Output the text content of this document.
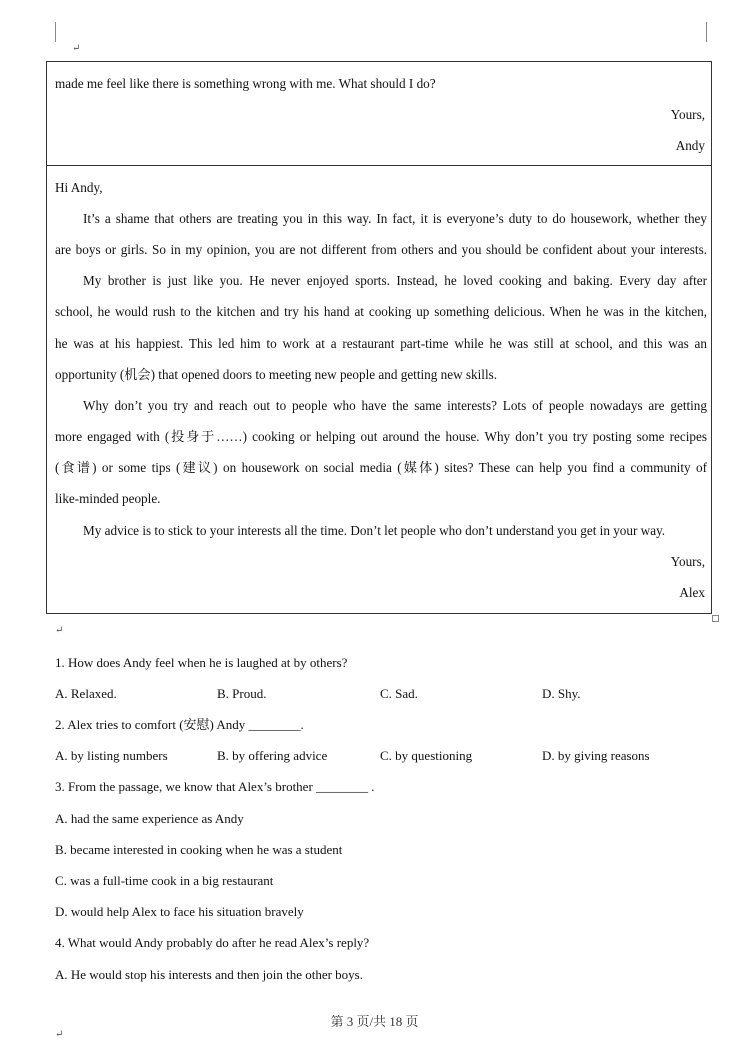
↵
made me feel like there is something wrong with me. What should I do?
Yours,
Andy
Hi Andy,
It’s a shame that others are treating you in this way. In fact, it is everyone’s duty to do housework, whether they
are boys or girls. So in my opinion, you are not different from others and you should be confident about your interests.
My brother is just like you. He never enjoyed sports. Instead, he loved cooking and baking. Every day after
school, he would rush to the kitchen and try his hand at cooking up something delicious. When he was in the kitchen,
he was at his happiest. This led him to work at a restaurant part-time while he was still at school, and this was an
opportunity (机会) that opened doors to meeting new people and getting new skills.
Why don’t you try and reach out to people who have the same interests? Lots of people nowadays are getting
more engaged with (投身于……) cooking or helping out around the house. Why don’t you try posting some recipes
(食谱) or some tips (建议) on housework on social media (媒体) sites? These can help you find a community of
like-minded people.
My advice is to stick to your interests all the time. Don’t let people who don’t understand you get in your way.
Yours,
Alex
↵
1. How does Andy feel when he is laughed at by others?
A. Relaxed.	B. Proud.	C. Sad.	D. Shy.
2. Alex tries to comfort (安慰) Andy ________.
A. by listing numbers	B. by offering advice	C. by questioning	D. by giving reasons
3. From the passage, we know that Alex’s brother ________ .
A. had the same experience as Andy
B. became interested in cooking when he was a student
C. was a full-time cook in a big restaurant
D. would help Alex to face his situation bravely
4. What would Andy probably do after he read Alex’s reply?
A. He would stop his interests and then join the other boys.
第 3 页/共 18 页
↵
